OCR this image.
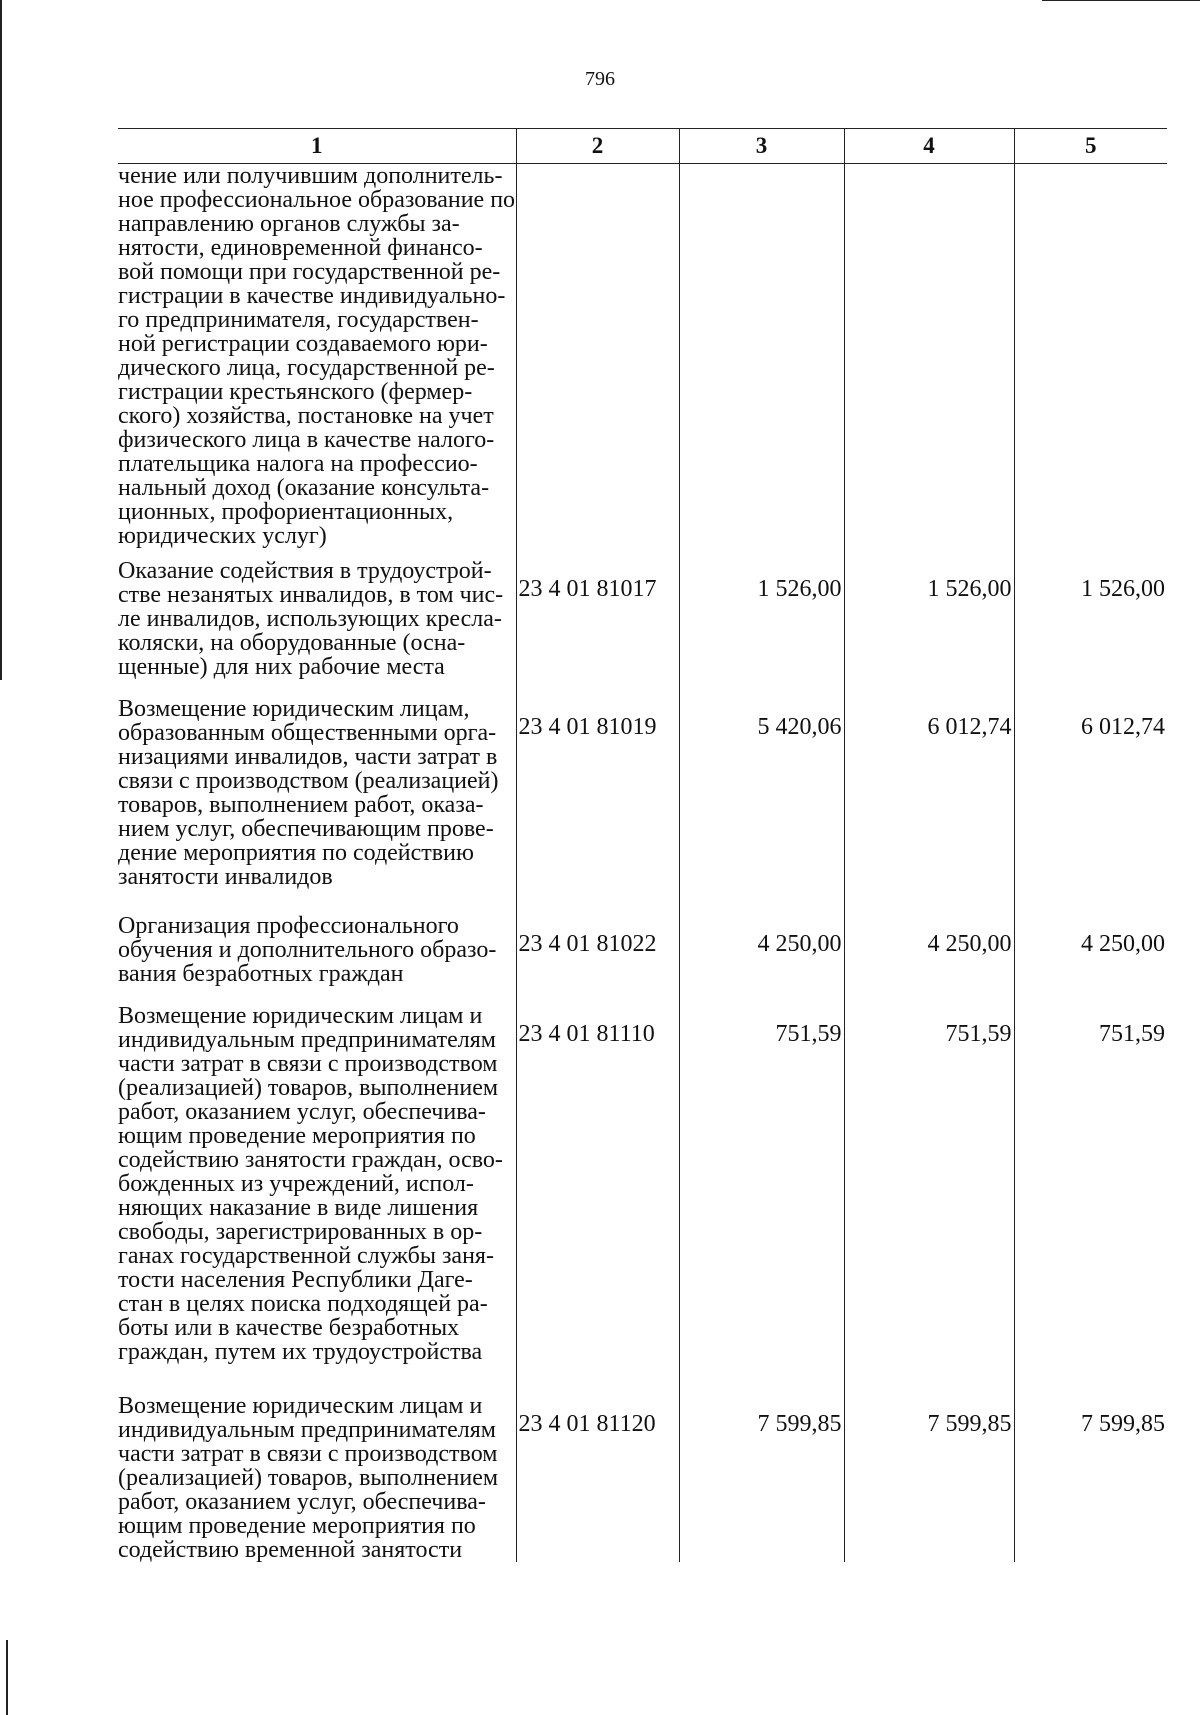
796
1	2	3	4	5

чение или получившим дополнитель-ное профессиональное образование по направлению органов службы за-нятости, единовременной финансо-вой помощи при государственной ре-гистрации в качестве индивидуально-го предпринимателя, государствен-ной регистрации создаваемого юри-дического лица, государственной ре-гистрации крестьянского (фермер-ского) хозяйства, постановке на учет физического лица в качестве налого-плательщика налога на профессио-нальный доход (оказание консульта-ционных, профориентационных, юридических услуг)				

Оказание содействия в трудоустрой-стве незанятых инвалидов, в том чис-ле инвалидов, использующих кресла-коляски, на оборудованные (осна-щенные) для них рабочие места	23 4 01 81017	1 526,00	1 526,00	1 526,00

Возмещение юридическим лицам, образованным общественными орга-низациями инвалидов, части затрат в связи с производством (реализацией) товаров, выполнением работ, оказа-нием услуг, обеспечивающим прове-дение мероприятия по содействию занятости инвалидов	23 4 01 81019	5 420,06	6 012,74	6 012,74

Организация профессионального обучения и дополнительного образо-вания безработных граждан	23 4 01 81022	4 250,00	4 250,00	4 250,00

Возмещение юридическим лицам и индивидуальным предпринимателям части затрат в связи с производством (реализацией) товаров, выполнением работ, оказанием услуг, обеспечива-ющим проведение мероприятия по содействию занятости граждан, осво-божденных из учреждений, испол-няющих наказание в виде лишения свободы, зарегистрированных в ор-ганах государственной службы заня-тости населения Республики Даге-стан в целях поиска подходящей ра-боты или в качестве безработных граждан, путем их трудоустройства	23 4 01 81110	751,59	751,59	751,59

Возмещение юридическим лицам и индивидуальным предпринимателям части затрат в связи с производством (реализацией) товаров, выполнением работ, оказанием услуг, обеспечива-ющим проведение мероприятия по содействию временной занятости	23 4 01 81120	7 599,85	7 599,85	7 599,85
